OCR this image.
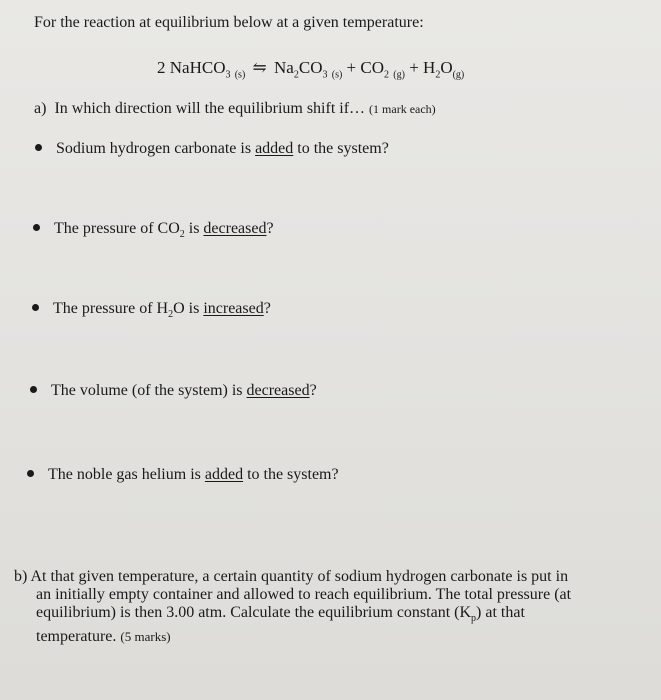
For the reaction at equilibrium below at a given temperature:
2 NaHCO$_3$ $_{(s)}$ ⇋ $Na_2CO_3$ $_{(s)} + CO_2$ $_{(g)} + H_2O_{(g)}$
a) In which direction will the equilibrium shift if… (1 mark each)
Sodium hydrogen carbonate is added to the system?
The pressure of $CO_2$ is decreased?
The pressure of $H_2O$ is increased?
The volume (of the system) is decreased?
The noble gas helium is added to the system?
b) At that given temperature, a certain quantity of sodium hydrogen carbonate is put in
an initially empty container and allowed to reach equilibrium. The total pressure (at
equilibrium) is then 3.00 atm. Calculate the equilibrium constant $(K_p)$ at that
temperature. (5 marks)
